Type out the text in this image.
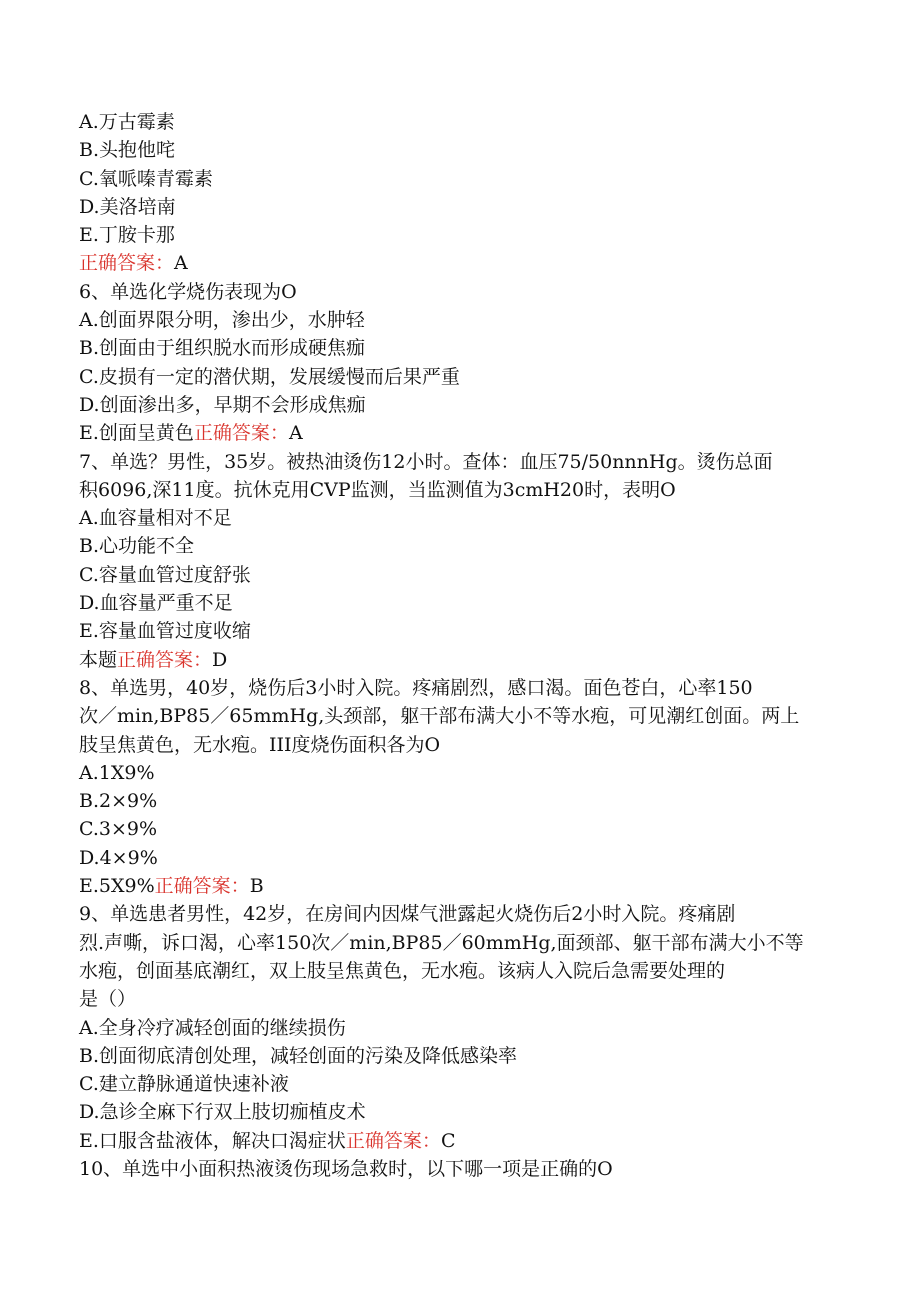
A.万古霉素
B.头抱他咤
C.氧哌嗪青霉素
D.美洛培南
E.丁胺卡那
正确答案：A
6、单选化学烧伤表现为O
A.创面界限分明，渗出少，水肿轻
B.创面由于组织脱水而形成硬焦痂
C.皮损有一定的潜伏期，发展缓慢而后果严重
D.创面渗出多，早期不会形成焦痂
E.创面呈黄色正确答案：A
7、单选？男性，35岁。被热油烫伤12小时。查体：血压75/50nnnHg。烫伤总面
积6096,深11度。抗休克用CVP监测，当监测值为3cmH20时，表明O
A.血容量相对不足
B.心功能不全
C.容量血管过度舒张
D.血容量严重不足
E.容量血管过度收缩
本题正确答案：D
8、单选男，40岁，烧伤后3小时入院。疼痛剧烈，感口渴。面色苍白，心率150
次／min,BP85／65mmHg,头颈部，躯干部布满大小不等水疱，可见潮红创面。两上
肢呈焦黄色，无水疱。III度烧伤面积各为O
A.1X9%
B.2×9%
C.3×9%
D.4×9%
E.5X9%正确答案：B
9、单选患者男性，42岁，在房间内因煤气泄露起火烧伤后2小时入院。疼痛剧
烈.声嘶，诉口渴，心率150次／min,BP85／60mmHg,面颈部、躯干部布满大小不等
水疱，创面基底潮红，双上肢呈焦黄色，无水疱。该病人入院后急需要处理的
是（）
A.全身冷疗减轻创面的继续损伤
B.创面彻底清创处理，减轻创面的污染及降低感染率
C.建立静脉通道快速补液
D.急诊全麻下行双上肢切痂植皮术
E.口服含盐液体，解决口渴症状正确答案：C
10、单选中小面积热液烫伤现场急救时，以下哪一项是正确的O
